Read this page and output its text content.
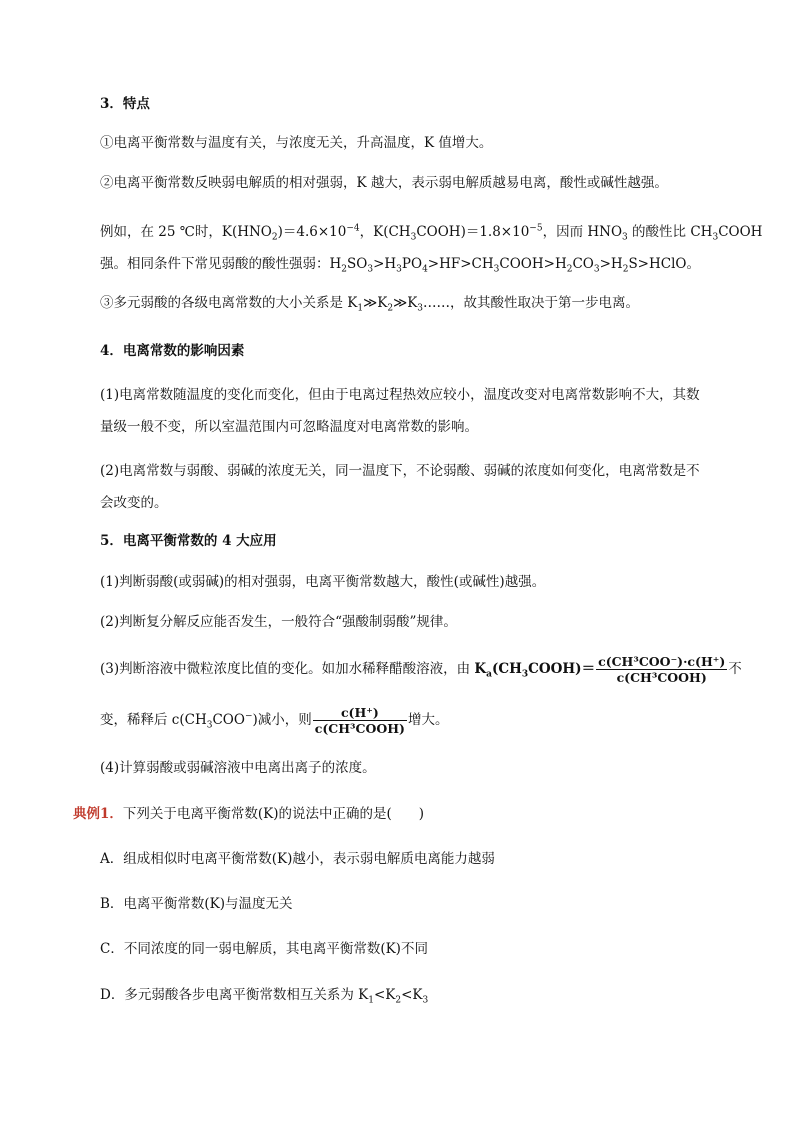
3．特点
①电离平衡常数与温度有关，与浓度无关，升高温度，K 值增大。
②电离平衡常数反映弱电解质的相对强弱，K 越大，表示弱电解质越易电离，酸性或碱性越强。
例如，在 25 ℃时，$K(HNO_2)=4.6\times 10^{-4}$，$K(CH_3COOH)=1.8\times 10^{-5}$，因而 $HNO_3$ 的酸性比 $CH_3COOH$
强。相同条件下常见弱酸的酸性强弱：$H_2SO_3>H_3PO_4>HF>CH_3COOH>H_2CO_3>H_2S>HClO$。
③多元弱酸的各级电离常数的大小关系是 $K_1≫K_2≫K_3\dots\dots$，故其酸性取决于第一步电离。
4．电离常数的影响因素
(1)电离常数随温度的变化而变化，但由于电离过程热效应较小，温度改变对电离常数影响不大，其数
量级一般不变，所以室温范围内可忽略温度对电离常数的影响。
(2)电离常数与弱酸、弱碱的浓度无关，同一温度下，不论弱酸、弱碱的浓度如何变化，电离常数是不
会改变的。
5．电离平衡常数的 4 大应用
(1)判断弱酸(或弱碱)的相对强弱，电离平衡常数越大，酸性(或碱性)越强。
(2)判断复分解反应能否发生，一般符合“强酸制弱酸”规律。
(3)判断溶液中微粒浓度比值的变化。如加水稀释醋酸溶液，由 $K_a(CH_3COOH)= \frac{\text{c(CH³COO⁻)·c(H⁺)}}{\text{c(CH³COOH)}}$ 不
变，稀释后 $c(CH_3COO^-)$减小，则 $\frac{c(H^+)}{\text{c(CH³COOH)}}$ 增大。
(4)计算弱酸或弱碱溶液中电离出离子的浓度。
典例1．下列关于电离平衡常数(K)的说法中正确的是(　　)
A．组成相似时电离平衡常数(K)越小，表示弱电解质电离能力越弱
B．电离平衡常数(K)与温度无关
C．不同浓度的同一弱电解质，其电离平衡常数(K)不同
D．多元弱酸各步电离平衡常数相互关系为 $K_1<K_2<K_3$
